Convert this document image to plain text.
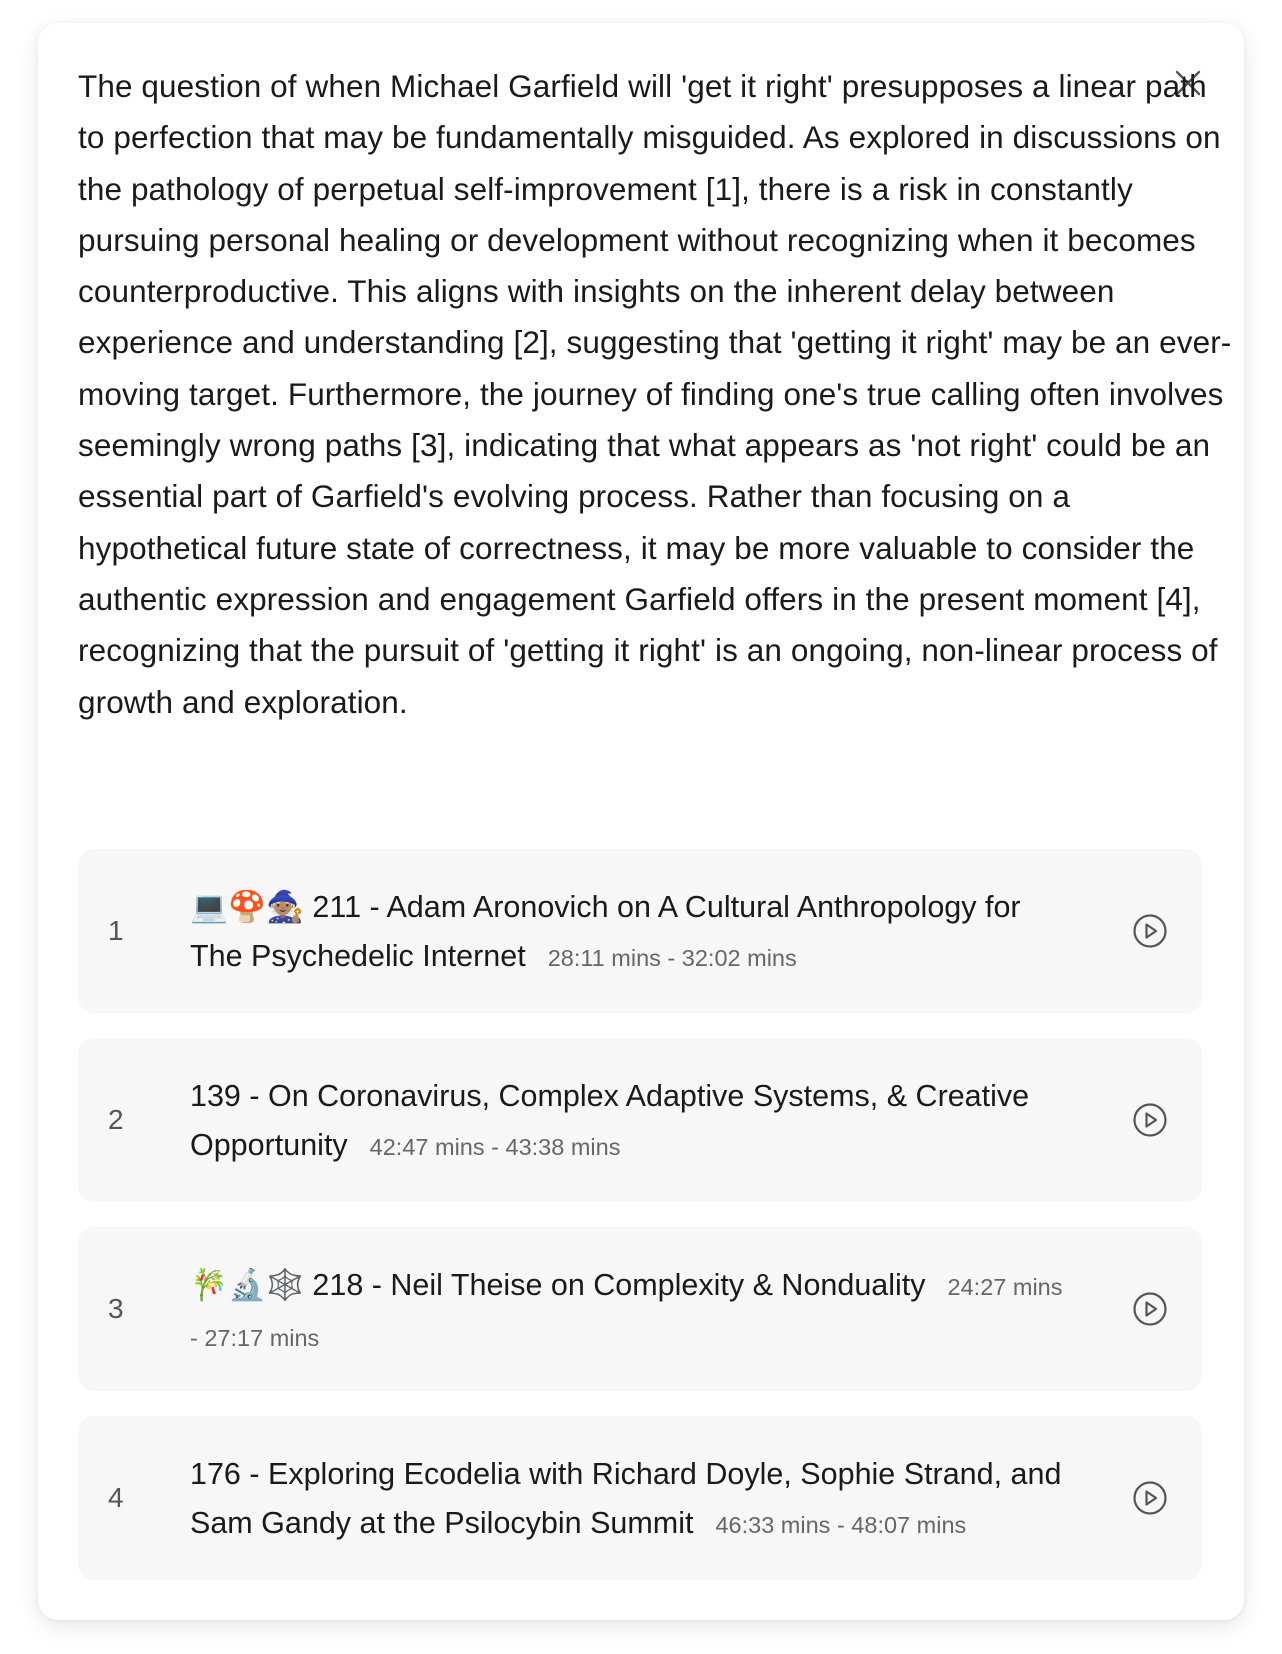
The question of when Michael Garfield will 'get it right' presupposes a linear path to perfection that may be fundamentally misguided. As explored in discussions on the pathology of perpetual self-improvement [1], there is a risk in constantly pursuing personal healing or development without recognizing when it becomes counterproductive. This aligns with insights on the inherent delay between experience and understanding [2], suggesting that 'getting it right' may be an ever-moving target. Furthermore, the journey of finding one's true calling often involves seemingly wrong paths [3], indicating that what appears as 'not right' could be an essential part of Garfield's evolving process. Rather than focusing on a hypothetical future state of correctness, it may be more valuable to consider the authentic expression and engagement Garfield offers in the present moment [4], recognizing that the pursuit of 'getting it right' is an ongoing, non-linear process of growth and exploration.

1
💻🍄🧙🏽 211 - Adam Aronovich on A Cultural Anthropology for The Psychedelic Internet 28:11 mins - 32:02 mins
2
139 - On Coronavirus, Complex Adaptive Systems, & Creative Opportunity 42:47 mins - 43:38 mins
3
🎋🔬🕸️ 218 - Neil Theise on Complexity & Nonduality 24:27 mins - 27:17 mins
4
176 - Exploring Ecodelia with Richard Doyle, Sophie Strand, and Sam Gandy at the Psilocybin Summit 46:33 mins - 48:07 mins
